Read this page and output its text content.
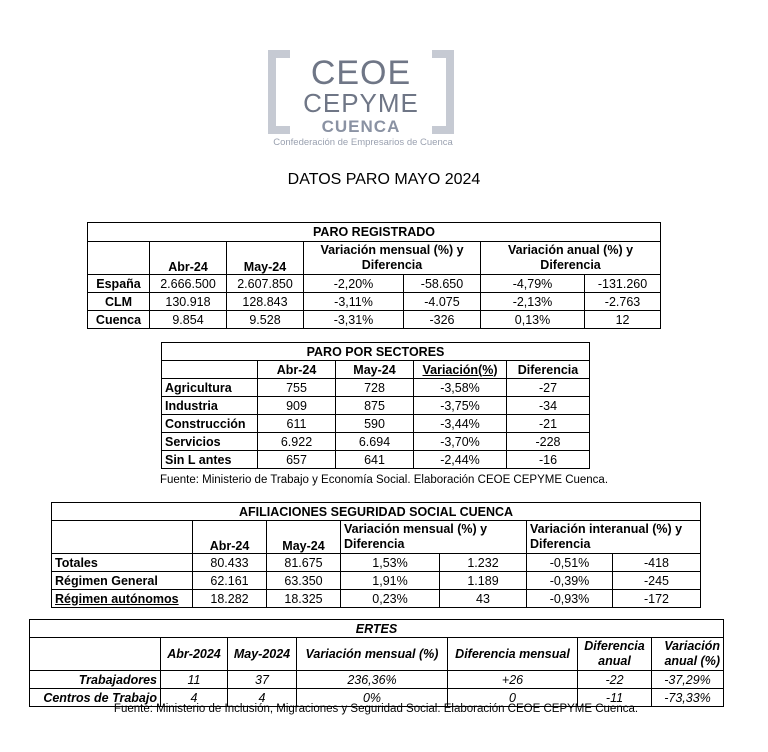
CEOE
CEPYME
CUENCA
Confederación de Empresarios de Cuenca
DATOS PARO MAYO 2024
PARO REGISTRADO						
	Abr-24	May-24	Variación mensual (%) y Diferencia		Variación anual (%) y Diferencia	
España	2.666.500	2.607.850	-2,20%	-58.650	-4,79%	-131.260
CLM	130.918	128.843	-3,11%	-4.075	-2,13%	-2.763
Cuenca	9.854	9.528	-3,31%	-326	0,13%	12
PARO POR SECTORES				
	Abr-24	May-24	Variación(%)	Diferencia
Agricultura	755	728	-3,58%	-27
Industria	909	875	-3,75%	-34
Construcción	611	590	-3,44%	-21
Servicios	6.922	6.694	-3,70%	-228
Sin L antes	657	641	-2,44%	-16
Fuente: Ministerio de Trabajo y Economía Social. Elaboración CEOE CEPYME Cuenca.
AFILIACIONES SEGURIDAD SOCIAL CUENCA						
	Abr-24	May-24	Variación mensual (%) y Diferencia		Variación interanual (%) y Diferencia	
Totales	80.433	81.675	1,53%	1.232	-0,51%	-418
Régimen General	62.161	63.350	1,91%	1.189	-0,39%	-245
Régimen autónomos	18.282	18.325	0,23%	43	-0,93%	-172
ERTES						
	Abr-2024	May-2024	Variación mensual (%)	Diferencia mensual	Diferencia anual	Variación anual (%)
Trabajadores	11	37	236,36%	+26	-22	-37,29%
Centros de Trabajo	4	4	0%	0	-11	-73,33%
Fuente: Ministerio de Inclusión, Migraciones y Seguridad Social. Elaboración CEOE CEPYME Cuenca.
